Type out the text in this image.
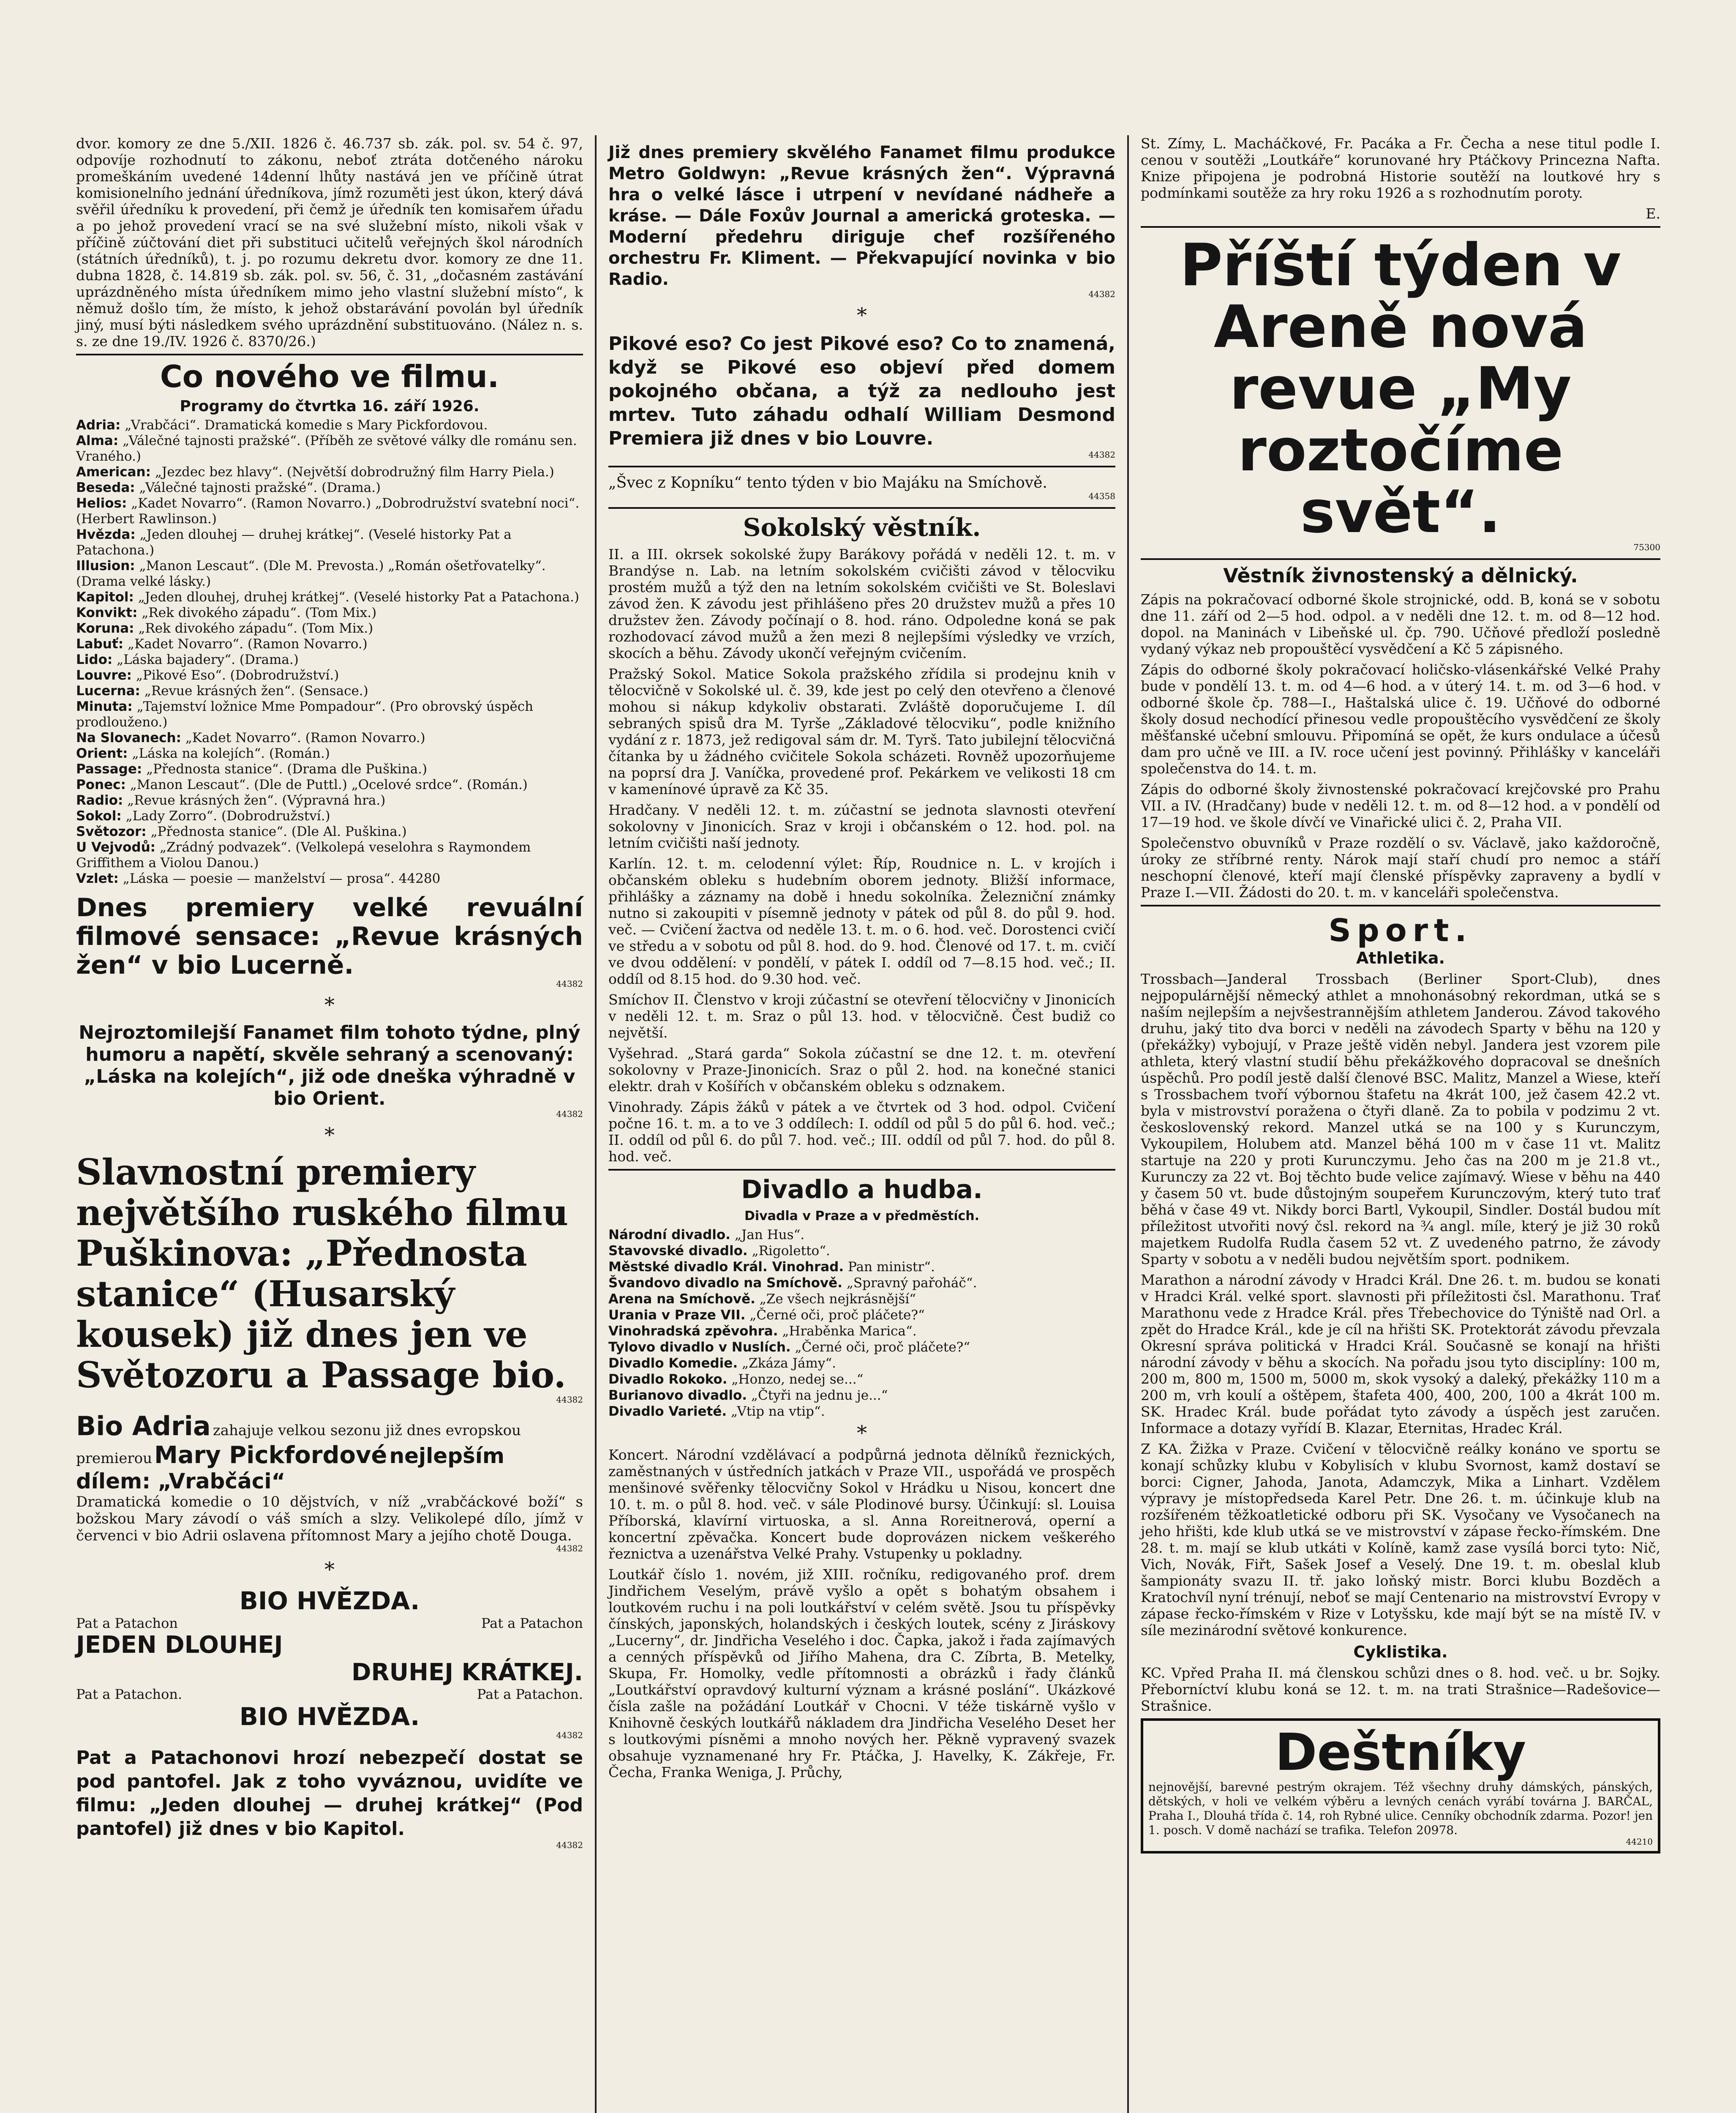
dvor. komory ze dne 5./XII. 1826 č. 46.737 sb. zák. pol. sv. 54 č. 97, odpovíje rozhodnutí to zákonu, neboť ztráta dotčeného nároku promeškáním uvedené 14denní lhůty nastává jen ve příčině útrat komisionelního jednání úředníkova, jímž rozuměti jest úkon, který dává svěřil úředníku k provedení, při čemž je úředník ten komisařem úřadu a po jehož provedení vrací se na své služební místo, nikoli však v příčině zúčtování diet při substituci učitelů veřejných škol národních (státních úředníků), t. j. po rozumu dekretu dvor. komory ze dne 11. dubna 1828, č. 14.819 sb. zák. pol. sv. 56, č. 31, „dočasném zastávání uprázdněného místa úředníkem mimo jeho vlastní služební místo“, k němuž došlo tím, že místo, k jehož obstarávání povolán byl úředník jiný, musí býti následkem svého uprázdnění substituováno. (Nález n. s. s. ze dne 19./IV. 1926 č. 8370/26.)

Co nového ve filmu.
Programy do čtvrtka 16. září 1926.

Adria: „Vrabčáci“. Dramatická komedie s Mary Pickfordovou.

Alma: „Válečné tajnosti pražské“. (Příběh ze světové války dle románu sen. Vraného.)

American: „Jezdec bez hlavy“. (Největší dobrodružný film Harry Piela.)

Beseda: „Válečné tajnosti pražské“. (Drama.)

Helios: „Kadet Novarro“. (Ramon Novarro.) „Dobrodružství svatební noci“. (Herbert Rawlinson.)

Hvězda: „Jeden dlouhej — druhej krátkej“. (Veselé historky Pat a Patachona.)

Illusion: „Manon Lescaut“. (Dle M. Prevosta.) „Román ošetřovatelky“. (Drama velké lásky.)

Kapitol: „Jeden dlouhej, druhej krátkej“. (Veselé historky Pat a Patachona.)

Konvikt: „Rek divokého západu“. (Tom Mix.)

Koruna: „Rek divokého západu“. (Tom Mix.)

Labuť: „Kadet Novarro“. (Ramon Novarro.)

Lido: „Láska bajadery“. (Drama.)

Louvre: „Pikové Eso“. (Dobrodružství.)

Lucerna: „Revue krásných žen“. (Sensace.)

Minuta: „Tajemství ložnice Mme Pompadour“. (Pro obrovský úspěch prodlouženo.)

Na Slovanech: „Kadet Novarro“. (Ramon Novarro.)

Orient: „Láska na kolejích“. (Román.)

Passage: „Přednosta stanice“. (Drama dle Puškina.)

Ponec: „Manon Lescaut“. (Dle de Puttl.) „Ocelové srdce“. (Román.)

Radio: „Revue krásných žen“. (Výpravná hra.)

Sokol: „Lady Zorro“. (Dobrodružství.)

Světozor: „Přednosta stanice“. (Dle Al. Puškina.)

U Vejvodů: „Zrádný podvazek“. (Velkolepá veselohra s Raymondem Griffithem a Violou Danou.)

Vzlet: „Láska — poesie — manželství — prosa“. 44280

Dnes premiery velké revuální filmové sensace: „Revue krásných žen“ v bio Lucerně.
44382
*
Nejroztomilejší Fanamet film tohoto týdne, plný humoru a napětí, skvěle sehraný a scenovaný: „Láska na kolejích“, již ode dneška výhradně v bio Orient.
44382
*
Slavnostní premiery největšího ruského filmu Puškinova: „Přednosta stanice“ (Husarský kousek) již dnes jen ve Světozoru a Passage bio.
44382
Bio Adria zahajuje velkou sezonu již dnes evropskou premierou Mary Pickfordové nejlepším dílem: „Vrabčáci“
Dramatická komedie o 10 dějstvích, v níž „vrabčáckové boží“ s božskou Mary závodí o váš smích a slzy. Velikolepé dílo, jímž v červenci v bio Adrii oslavena přítomnost Mary a jejího chotě Douga.
44382
*
BIO HVĚZDA.
Pat a Patachon	Pat a Patachon
JEDEN DLOUHEJ
DRUHEJ KRÁTKEJ.
Pat a Patachon.	Pat a Patachon.
BIO HVĚZDA.
44382
Pat a Patachonovi hrozí nebezpečí dostat se pod pantofel. Jak z toho vyváznou, uvidíte ve filmu: „Jeden dlouhej — druhej krátkej“ (Pod pantofel) již dnes v bio Kapitol.
44382
Již dnes premiery skvělého Fanamet filmu produkce Metro Goldwyn: „Revue krásných žen“. Výpravná hra o velké lásce i utrpení v nevídané nádheře a kráse. — Dále Foxův Journal a americká groteska. — Moderní předehru diriguje chef rozšířeného orchestru Fr. Kliment. — Překvapující novinka v bio Radio.
44382
*
Pikové eso? Co jest Pikové eso? Co to znamená, když se Pikové eso objeví před domem pokojného občana, a týž za nedlouho jest mrtev. Tuto záhadu odhalí William Desmond Premiera již dnes v bio Louvre.
44382
„Švec z Kopníku“ tento týden v bio Majáku na Smíchově.
44358
Sokolský věstník.

II. a III. okrsek sokolské župy Barákovy pořádá v neděli 12. t. m. v Brandýse n. Lab. na letním sokolském cvičišti závod v tělocviku prostém mužů a týž den na letním sokolském cvičišti ve St. Boleslavi závod žen. K závodu jest přihlášeno přes 20 družstev mužů a přes 10 družstev žen. Závody počínají o 8. hod. ráno. Odpoledne koná se pak rozhodovací závod mužů a žen mezi 8 nejlepšími výsledky ve vrzích, skocích a běhu. Závody ukončí veřejným cvičením.

Pražský Sokol. Matice Sokola pražského zřídila si prodejnu knih v tělocvičně v Sokolské ul. č. 39, kde jest po celý den otevřeno a členové mohou si nákup kdykoliv obstarati. Zvláště doporučujeme I. díl sebraných spisů dra M. Tyrše „Základové tělocviku“, podle knižního vydání z r. 1873, jež redigoval sám dr. M. Tyrš. Tato jubilejní tělocvičná čítanka by u žádného cvičitele Sokola scházeti. Rovněž upozorňujeme na poprsí dra J. Vaníčka, provedené prof. Pekárkem ve velikosti 18 cm v kamenínové úpravě za Kč 35.

Hradčany. V neděli 12. t. m. zúčastní se jednota slavnosti otevření sokolovny v Jinonicích. Sraz v kroji i občanském o 12. hod. pol. na letním cvičišti naší jednoty.

Karlín. 12. t. m. celodenní výlet: Říp, Roudnice n. L. v krojích i občanském obleku s hudebním oborem jednoty. Bližší informace, přihlášky a záznamy na době i hnedu sokolníka. Železniční známky nutno si zakoupiti v písemně jednoty v pátek od půl 8. do půl 9. hod. več. — Cvičení žactva od neděle 13. t. m. o 6. hod. več. Dorostenci cvičí ve středu a v sobotu od půl 8. hod. do 9. hod. Členové od 17. t. m. cvičí ve dvou oddělení: v pondělí, v pátek I. oddíl od 7—8.15 hod. več.; II. oddíl od 8.15 hod. do 9.30 hod. več.

Smíchov II. Členstvo v kroji zúčastní se otevření tělocvičny v Jinonicích v neděli 12. t. m. Sraz o půl 13. hod. v tělocvičně. Čest budiž co největší.

Vyšehrad. „Stará garda“ Sokola zúčastní se dne 12. t. m. otevření sokolovny v Praze-Jinonicích. Sraz o půl 2. hod. na konečné stanici elektr. drah v Košířích v občanském obleku s odznakem.

Vinohrady. Zápis žáků v pátek a ve čtvrtek od 3 hod. odpol. Cvičení počne 16. t. m. a to ve 3 oddílech: I. oddíl od půl 5 do půl 6. hod. več.; II. oddíl od půl 6. do půl 7. hod. več.; III. oddíl od půl 7. hod. do půl 8. hod. več.

Divadlo a hudba.
Divadla v Praze a v předměstích.

Národní divadlo. „Jan Hus“.

Stavovské divadlo. „Rigoletto“.

Městské divadlo Král. Vinohrad. Pan ministr“.

Švandovo divadlo na Smíchově. „Spravný pařoháč“.

Arena na Smíchově. „Ze všech nejkrásnější“

Urania v Praze VII. „Černé oči, proč pláčete?“

Vinohradská zpěvohra. „Hraběnka Marica“.

Tylovo divadlo v Nuslích. „Černé oči, proč pláčete?“

Divadlo Komedie. „Zkáza Jámy“.

Divadlo Rokoko. „Honzo, nedej se...“

Burianovo divadlo. „Čtyři na jednu je...“

Divadlo Varieté. „Vtip na vtip“.

*

Koncert. Národní vzdělávací a podpůrná jednota dělníků řeznických, zaměstnaných v ústředních jatkách v Praze VII., uspořádá ve prospěch menšinové svěřenky tělocvičny Sokol v Hrádku u Nisou, koncert dne 10. t. m. o půl 8. hod. več. v sále Plodinové bursy. Účinkují: sl. Louisa Příborská, klavírní virtuoska, a sl. Anna Roreitnerová, operní a koncertní zpěvačka. Koncert bude doprovázen nickem veškerého řeznictva a uzenářstva Velké Prahy. Vstupenky u pokladny.

Loutkář číslo 1. novém, již XIII. ročníku, redigovaného prof. drem Jindřichem Veselým, právě vyšlo a opět s bohatým obsahem i loutkovém ruchu i na poli loutkářství v celém světě. Jsou tu příspěvky čínských, japonských, holandských i českých loutek, scény z Jiráskovy „Lucerny“, dr. Jindřicha Veselého i doc. Čapka, jakož i řada zajímavých a cenných příspěvků od Jiřího Mahena, dra C. Zíbrta, B. Metelky, Skupa, Fr. Homolky, vedle přítomnosti a obrázků i řady článků „Loutkářství opravdový kulturní význam a krásné poslání“. Ukázkové čísla zašle na požádání Loutkář v Chocni. V téže tiskárně vyšlo v Knihovně českých loutkářů nákladem dra Jindřicha Veselého Deset her s loutkovými písněmi a mnoho nových her. Pěkně vypravený svazek obsahuje vyznamenané hry Fr. Ptáčka, J. Havelky, K. Zákřeje, Fr. Čecha, Franka Weniga, J. Průchy,

St. Zímy, L. Macháčkové, Fr. Pacáka a Fr. Čecha a nese titul podle I. cenou v soutěži „Loutkáře“ korunované hry Ptáčkovy Princezna Nafta. Knize připojena je podrobná Historie soutěží na loutkové hry s podmínkami soutěže za hry roku 1926 a s rozhodnutím poroty.

E.
Příští týden v Areně nová revue „My roztočíme svět“.
75300
Věstník živnostenský a dělnický.

Zápis na pokračovací odborné škole strojnické, odd. B, koná se v sobotu dne 11. září od 2—5 hod. odpol. a v neděli dne 12. t. m. od 8—12 hod. dopol. na Maninách v Libeňské ul. čp. 790. Učňové předloží posledně vydaný výkaz neb propouštěcí vysvědčení a Kč 5 zápisného.

Zápis do odborné školy pokračovací holičsko-vlásenkářské Velké Prahy bude v pondělí 13. t. m. od 4—6 hod. a v úterý 14. t. m. od 3—6 hod. v odborné škole čp. 788—I., Haštalská ulice č. 19. Učňové do odborné školy dosud nechodící přinesou vedle propouštěcího vysvědčení ze školy měšťanské učební smlouvu. Připomíná se opět, že kurs ondulace a účesů dam pro učně ve III. a IV. roce učení jest povinný. Přihlášky v kanceláři společenstva do 14. t. m.

Zápis do odborné školy živnostenské pokračovací krejčovské pro Prahu VII. a IV. (Hradčany) bude v neděli 12. t. m. od 8—12 hod. a v pondělí od 17—19 hod. ve škole dívčí ve Vinařické ulici č. 2, Praha VII.

Společenstvo obuvníků v Praze rozdělí o sv. Václavě, jako každoročně, úroky ze stříbrné renty. Nárok mají staří chudí pro nemoc a stáří neschopní členové, kteří mají členské příspěvky zapraveny a bydlí v Praze I.—VII. Žádosti do 20. t. m. v kanceláři společenstva.

Sport.
Athletika.

Trossbach—Janderal Trossbach (Berliner Sport-Club), dnes nejpopulárnější německý athlet a mnohonásobný rekordman, utká se s naším nejlepším a nejvšestrannějším athletem Janderou. Závod takového druhu, jaký tito dva borci v neděli na závodech Sparty v běhu na 120 y (překážky) vybojují, v Praze ještě viděn nebyl. Jandera jest vzorem pile athleta, který vlastní studií běhu překážkového dopracoval se dnešních úspěchů. Pro podíl jestě další členové BSC. Malitz, Manzel a Wiese, kteří s Trossbachem tvoří výbornou štafetu na 4krát 100, jež časem 42.2 vt. byla v mistrovství poražena o čtyři dlaně. Za to pobila v podzimu 2 vt. československý rekord. Manzel utká se na 100 y s Kurunczym, Vykoupilem, Holubem atd. Manzel běhá 100 m v čase 11 vt. Malitz startuje na 220 y proti Kurunczymu. Jeho čas na 200 m je 21.8 vt., Kurunczy za 22 vt. Boj těchto bude velice zajímavý. Wiese v běhu na 440 y časem 50 vt. bude důstojným soupeřem Kurunczovým, který tuto trať běhá v čase 49 vt. Nikdy borci Bartl, Vykoupil, Sindler. Dostál budou mít příležitost utvořiti nový čsl. rekord na ¾ angl. míle, který je již 30 roků majetkem Rudolfa Rudla časem 52 vt. Z uvedeného patrno, že závody Sparty v sobotu a v neděli budou největším sport. podnikem.

Marathon a národní závody v Hradci Král. Dne 26. t. m. budou se konati v Hradci Král. velké sport. slavnosti při příležitosti čsl. Marathonu. Trať Marathonu vede z Hradce Král. přes Třebechovice do Týniště nad Orl. a zpět do Hradce Král., kde je cíl na hřišti SK. Protektorát závodu převzala Okresní správa politická v Hradci Král. Současně se konají na hřišti národní závody v běhu a skocích. Na pořadu jsou tyto disciplíny: 100 m, 200 m, 800 m, 1500 m, 5000 m, skok vysoký a daleký, překážky 110 m a 200 m, vrh koulí a oštěpem, štafeta 400, 400, 200, 100 a 4krát 100 m. SK. Hradec Král. bude pořádat tyto závody a úspěch jest zaručen. Informace a dotazy vyřídí B. Klazar, Eternitas, Hradec Král.

Z KA. Žižka v Praze. Cvičení v tělocvičně reálky konáno ve sportu se konají schůzky klubu v Kobylisích v klubu Svornost, kamž dostaví se borci: Cigner, Jahoda, Janota, Adamczyk, Mika a Linhart. Vzdělem výpravy je místopředseda Karel Petr. Dne 26. t. m. účinkuje klub na rozšířeném těžkoatletické odboru při SK. Vysočany ve Vysočanech na jeho hřišti, kde klub utká se ve mistrovství v zápase řecko-římském. Dne 28. t. m. mají se klub utkáti v Kolíně, kamž zase vysílá borci tyto: Nič, Vich, Novák, Fiřt, Sašek Josef a Veselý. Dne 19. t. m. obeslal klub šampionáty svazu II. tř. jako loňský mistr. Borci klubu Bozděch a Kratochvíl nyní trénují, neboť se mají Centenario na mistrovství Evropy v zápase řecko-římském v Rize v Lotyšsku, kde mají být se na místě IV. v síle mezinárodní světové konkurence.

Cyklistika.

KC. Vpřed Praha II. má členskou schůzi dnes o 8. hod. več. u br. Sojky. Přeborníctví klubu koná se 12. t. m. na trati Strašnice—Radešovice—Strašnice.

Deštníky
nejnovější, barevné pestrým okrajem. Též všechny druhy dámských, pánských, dětských, v holi ve velkém výběru a levných cenách vyrábí továrna J. BARČAL, Praha I., Dlouhá třída č. 14, roh Rybné ulice. Cenníky obchodník zdarma. Pozor! jen 1. posch. V domě nachází se trafika. Telefon 20978.
44210
